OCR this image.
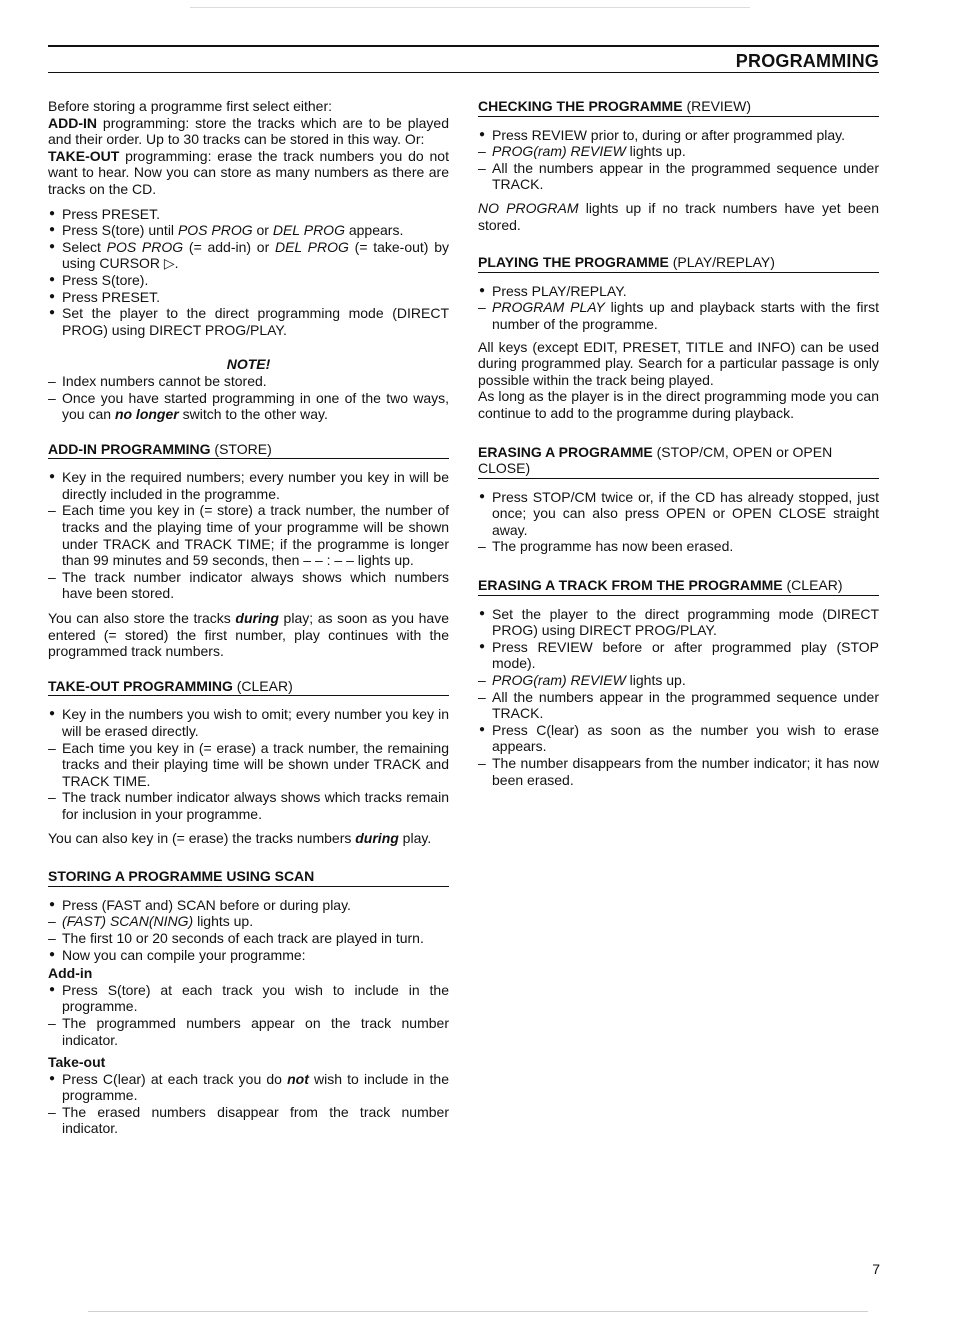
PROGRAMMING

Before storing a programme first select either:

ADD-IN programming: store the tracks which are to be played and their order. Up to 30 tracks can be stored in this way. Or:

TAKE-OUT programming: erase the track numbers you do not want to hear. Now you can store as many numbers as there are tracks on the CD.

● Press PRESET.
● Press S(tore) until POS PROG or DEL PROG appears.
● Select POS PROG (= add-in) or DEL PROG (= take-out) by using CURSOR ▷.
● Press S(tore).
● Press PRESET.
● Set the player to the direct programming mode (DIRECT PROG) using DIRECT PROG/PLAY.

NOTE!

– Index numbers cannot be stored.
– Once you have started programming in one of the two ways, you can no longer switch to the other way.
ADD-IN PROGRAMMING (STORE)
● Key in the required numbers; every number you key in will be directly included in the programme.
– Each time you key in (= store) a track number, the number of tracks and the playing time of your programme will be shown under TRACK and TRACK TIME; if the programme is longer than 99 minutes and 59 seconds, then – – : – – lights up.
– The track number indicator always shows which numbers have been stored.

You can also store the tracks during play; as soon as you have entered (= stored) the first number, play continues with the programmed track numbers.

TAKE-OUT PROGRAMMING (CLEAR)
● Key in the numbers you wish to omit; every number you key in will be erased directly.
– Each time you key in (= erase) a track number, the remaining tracks and their playing time will be shown under TRACK and TRACK TIME.
– The track number indicator always shows which tracks remain for inclusion in your programme.

You can also key in (= erase) the tracks numbers during play.

STORING A PROGRAMME USING SCAN
● Press (FAST and) SCAN before or during play.
– (FAST) SCAN(NING) lights up.
– The first 10 or 20 seconds of each track are played in turn.
● Now you can compile your programme:

Add-in

● Press S(tore) at each track you wish to include in the programme.
– The programmed numbers appear on the track number indicator.

Take-out

● Press C(lear) at each track you do not wish to include in the programme.
– The erased numbers disappear from the track number indicator.
CHECKING THE PROGRAMME (REVIEW)
● Press REVIEW prior to, during or after programmed play.
– PROG(ram) REVIEW lights up.
– All the numbers appear in the programmed sequence under TRACK.

NO PROGRAM lights up if no track numbers have yet been stored.

PLAYING THE PROGRAMME (PLAY/REPLAY)
● Press PLAY/REPLAY.
– PROGRAM PLAY lights up and playback starts with the first number of the programme.

All keys (except EDIT, PRESET, TITLE and INFO) can be used during programmed play. Search for a particular passage is only possible within the track being played.

As long as the player is in the direct programming mode you can continue to add to the programme during playback.

ERASING A PROGRAMME (STOP/CM, OPEN or OPEN CLOSE)
● Press STOP/CM twice or, if the CD has already stopped, just once; you can also press OPEN or OPEN CLOSE straight away.
– The programme has now been erased.
ERASING A TRACK FROM THE PROGRAMME (CLEAR)
● Set the player to the direct programming mode (DIRECT PROG) using DIRECT PROG/PLAY.
● Press REVIEW before or after programmed play (STOP mode).
– PROG(ram) REVIEW lights up.
– All the numbers appear in the programmed sequence under TRACK.
● Press C(lear) as soon as the number you wish to erase appears.
– The number disappears from the number indicator; it has now been erased.
7
